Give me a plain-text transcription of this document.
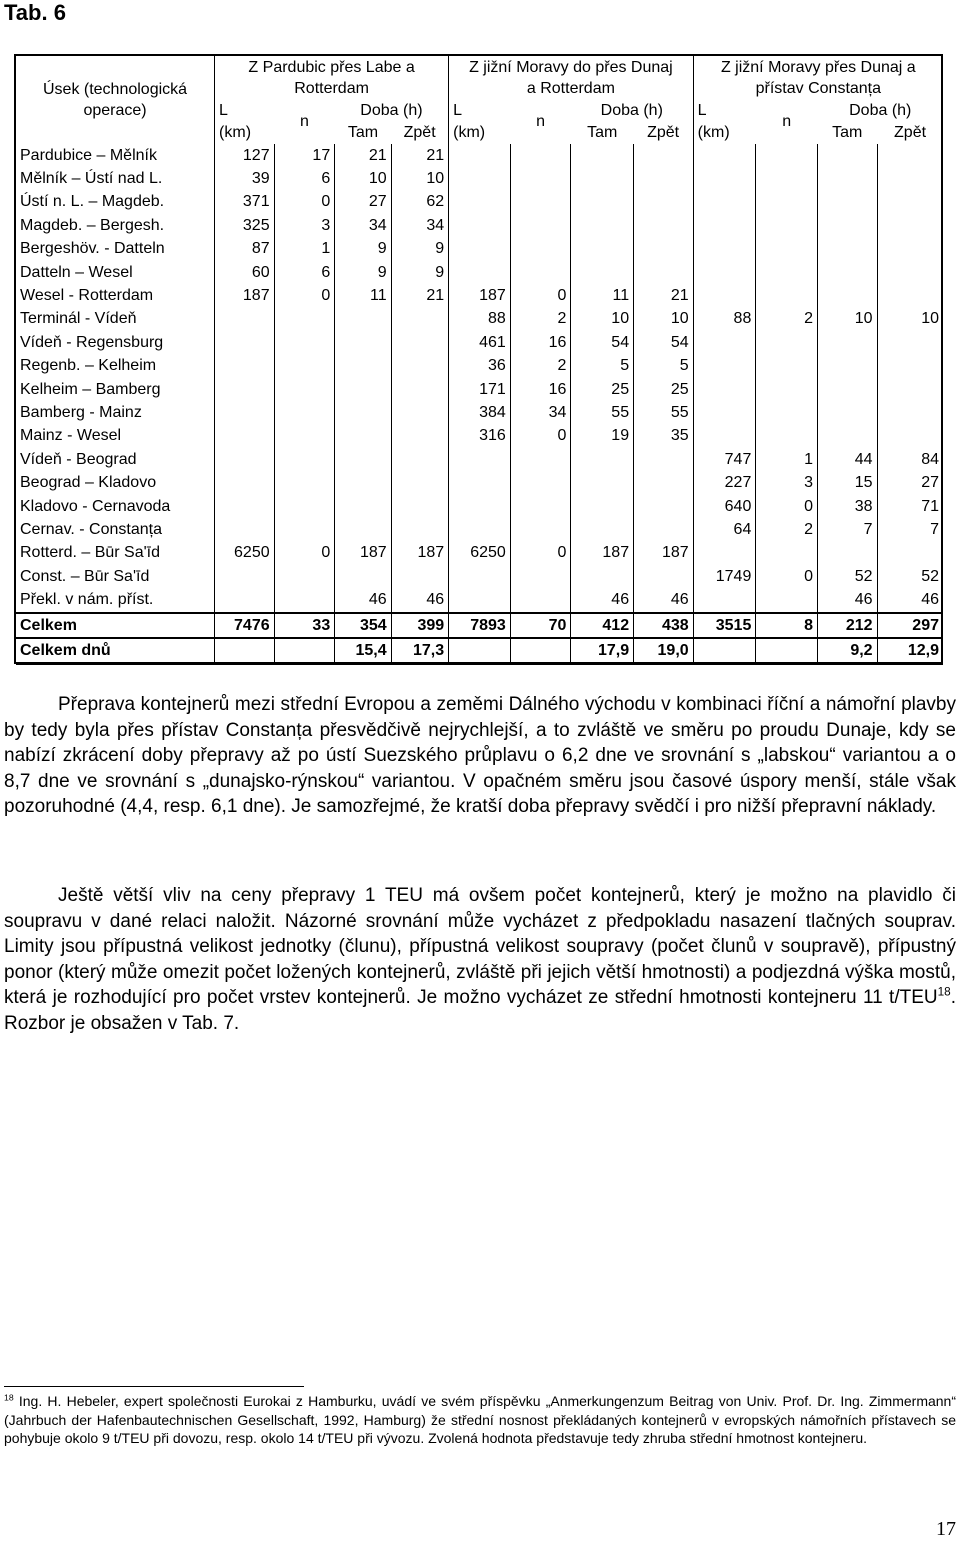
Tab. 6
Úsek (technologická operace)	Z Pardubic přes Labe a Rotterdam				Z jižní Moravy do přes Dunaj a Rotterdam				Z jižní Moravy přes Dunaj a přístav Constanța			
	L	n	Doba (h)		L	n	Doba (h)		L	n	Doba (h)	
	(km)		Tam	Zpět	(km)		Tam	Zpět	(km)		Tam	Zpět
Pardubice – Mělník	127	17	21	21								
Mělník – Ústí nad L.	39	6	10	10								
Ústí n. L. – Magdeb.	371	0	27	62								
Magdeb. – Bergesh.	325	3	34	34								
Bergeshöv. - Datteln	87	1	9	9								
Datteln – Wesel	60	6	9	9								
Wesel - Rotterdam	187	0	11	21	187	0	11	21				
Terminál - Vídeň					88	2	10	10	88	2	10	10
Vídeň - Regensburg					461	16	54	54				
Regenb. – Kelheim					36	2	5	5				
Kelheim – Bamberg					171	16	25	25				
Bamberg - Mainz					384	34	55	55				
Mainz - Wesel					316	0	19	35				
Vídeň - Beograd									747	1	44	84
Beograd – Kladovo									227	3	15	27
Kladovo - Cernavoda									640	0	38	71
Cernav. - Constanța									64	2	7	7
Rotterd. – Būr Sa'īd	6250	0	187	187	6250	0	187	187				
Const. – Būr Sa'īd									1749	0	52	52
Překl. v nám. příst.			46	46			46	46			46	46
Celkem	7476	33	354	399	7893	70	412	438	3515	8	212	297
Celkem dnů			15,4	17,3			17,9	19,0			9,2	12,9

Přeprava kontejnerů mezi střední Evropou a zeměmi Dálného východu v kombinaci říční a námořní plavby by tedy byla přes přístav Constanța přesvědčivě nejrychlejší, a to zvláště ve směru po proudu Dunaje, kdy se nabízí zkrácení doby přepravy až po ústí Suezského průplavu o 6,2 dne ve srovnání s „labskou“ variantou a o 8,7 dne ve srovnání s „dunajsko-rýnskou“ variantou. V opačném směru jsou časové úspory menší, stále však pozoruhodné (4,4, resp. 6,1 dne). Je samozřejmé, že kratší doba přepravy svědčí i pro nižší přepravní náklady.

Ještě větší vliv na ceny přepravy 1 TEU má ovšem počet kontejnerů, který je možno na plavidlo či soupravu v dané relaci naložit. Názorné srovnání může vycházet z předpokladu nasazení tlačných souprav. Limity jsou přípustná velikost jednotky (člunu), přípustná velikost soupravy (počet člunů v soupravě), přípustný ponor (který může omezit počet ložených kontejnerů, zvláště při jejich větší hmotnosti) a podjezdná výška mostů, která je rozhodující pro počet vrstev kontejnerů. Je možno vycházet ze střední hmotnosti kontejneru 11 t/TEU$^{18}$. Rozbor je obsažen v Tab. 7.

$^{18}$ Ing. H. Hebeler, expert společnosti Eurokai z Hamburku, uvádí ve svém příspěvku „Anmerkungenzum Beitrag von Univ. Prof. Dr. Ing. Zimmermann“ (Jahrbuch der Hafenbautechnischen Gesellschaft, 1992, Hamburg) že střední nosnost překládaných kontejnerů v evropských námořních přístavech se pohybuje okolo 9 t/TEU při dovozu, resp. okolo 14 t/TEU při vývozu. Zvolená hodnota představuje tedy zhruba střední hmotnost kontejneru.

17
